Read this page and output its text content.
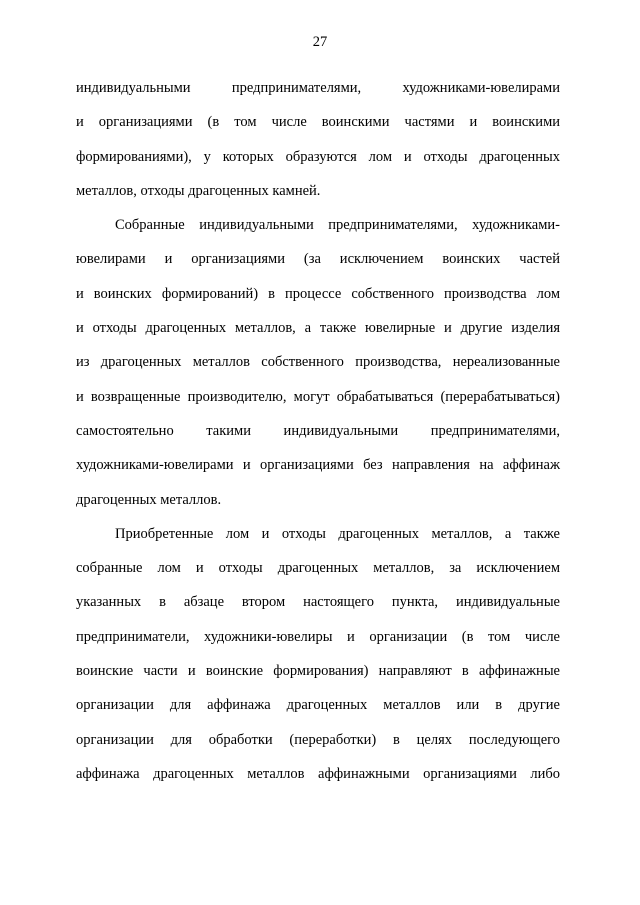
27
индивидуальными предпринимателями, художниками-ювелирами
и организациями (в том числе воинскими частями и воинскими
формированиями), у которых образуются лом и отходы драгоценных
металлов, отходы драгоценных камней.
Собранные индивидуальными предпринимателями, художниками-
ювелирами и организациями (за исключением воинских частей
и воинских формирований) в процессе собственного производства лом
и отходы драгоценных металлов, а также ювелирные и другие изделия
из драгоценных металлов собственного производства, нереализованные
и возвращенные производителю, могут обрабатываться (перерабатываться)
самостоятельно такими индивидуальными предпринимателями,
художниками-ювелирами и организациями без направления на аффинаж
драгоценных металлов.
Приобретенные лом и отходы драгоценных металлов, а также
собранные лом и отходы драгоценных металлов, за исключением
указанных в абзаце втором настоящего пункта, индивидуальные
предприниматели, художники-ювелиры и организации (в том числе
воинские части и воинские формирования) направляют в аффинажные
организации для аффинажа драгоценных металлов или в другие
организации для обработки (переработки) в целях последующего
аффинажа драгоценных металлов аффинажными организациями либо
